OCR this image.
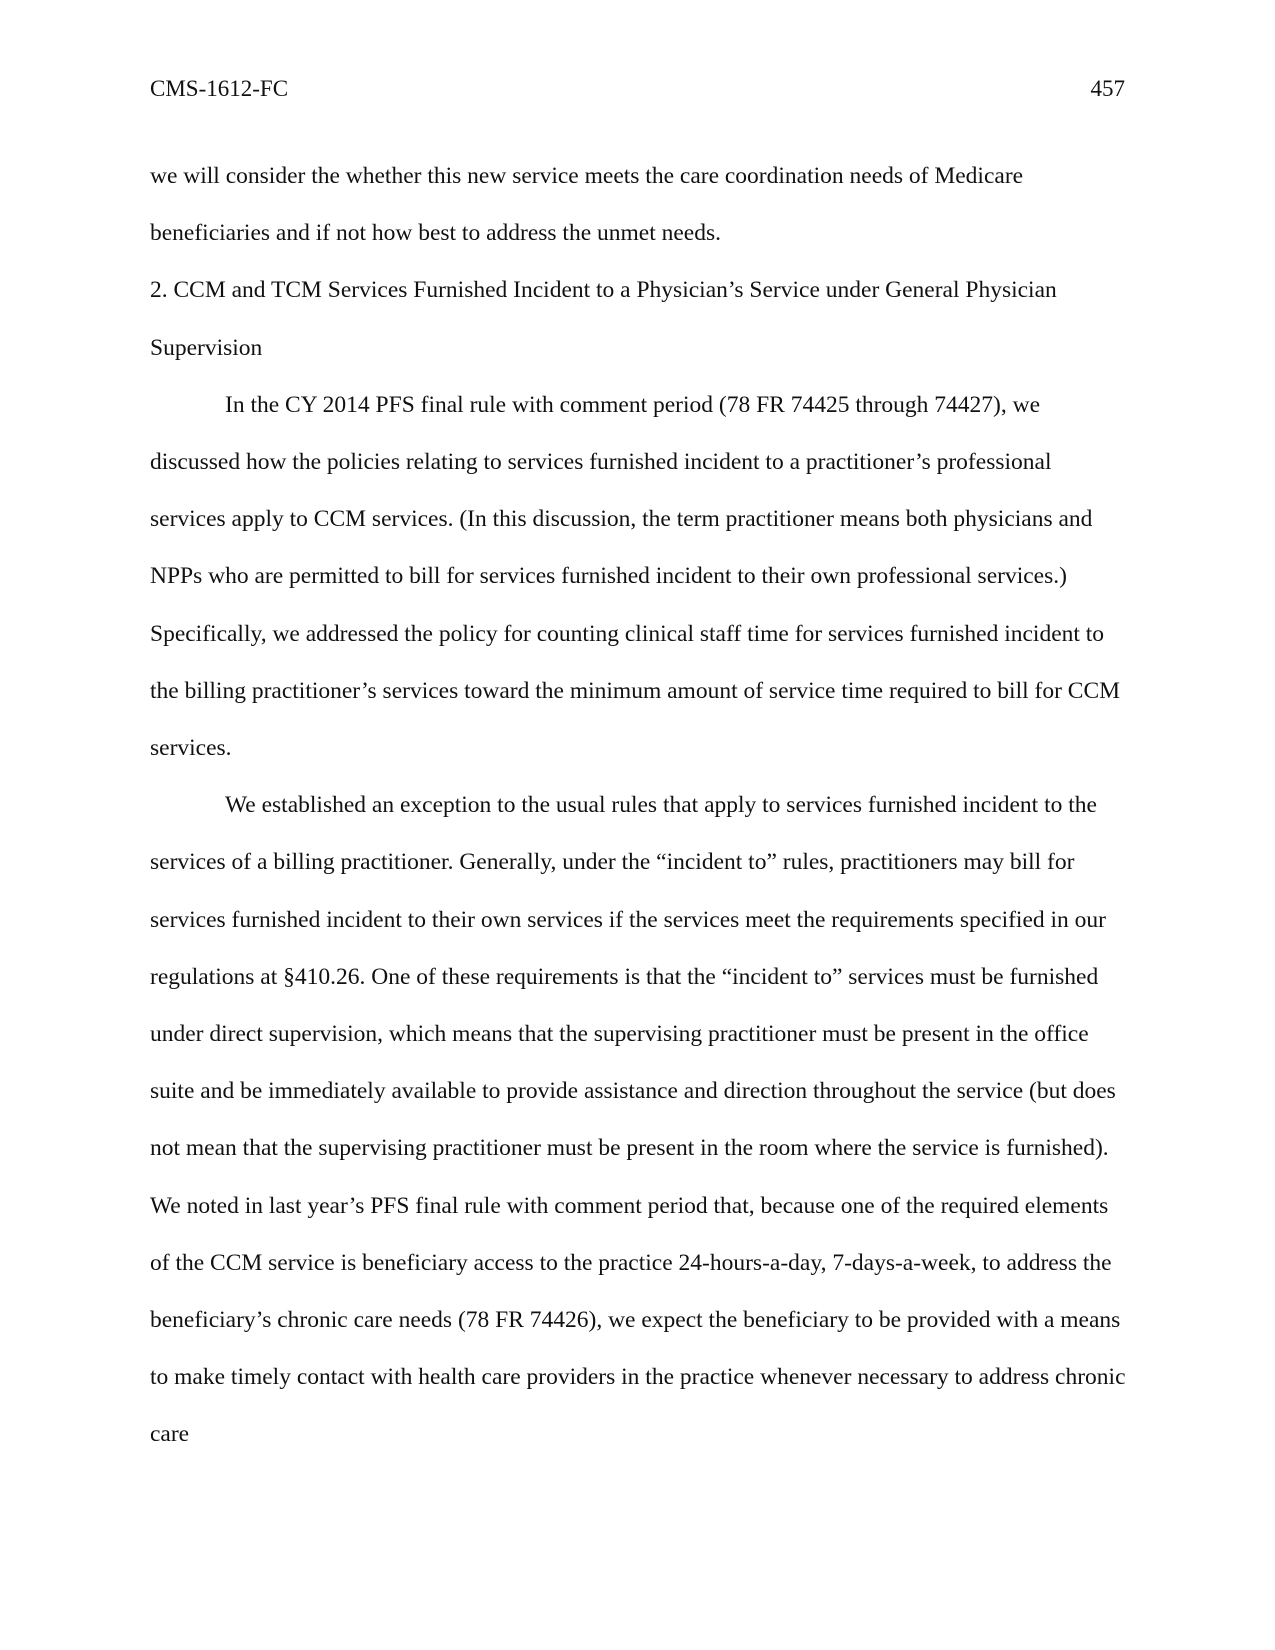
CMS-1612-FC	457

we will consider the whether this new service meets the care coordination needs of Medicare beneficiaries and if not how best to address the unmet needs.

2. CCM and TCM Services Furnished Incident to a Physician’s Service under General Physician Supervision

In the CY 2014 PFS final rule with comment period (78 FR 74425 through 74427), we discussed how the policies relating to services furnished incident to a practitioner’s professional services apply to CCM services. (In this discussion, the term practitioner means both physicians and NPPs who are permitted to bill for services furnished incident to their own professional services.) Specifically, we addressed the policy for counting clinical staff time for services furnished incident to the billing practitioner’s services toward the minimum amount of service time required to bill for CCM services.

We established an exception to the usual rules that apply to services furnished incident to the services of a billing practitioner. Generally, under the “incident to” rules, practitioners may bill for services furnished incident to their own services if the services meet the requirements specified in our regulations at §410.26. One of these requirements is that the “incident to” services must be furnished under direct supervision, which means that the supervising practitioner must be present in the office suite and be immediately available to provide assistance and direction throughout the service (but does not mean that the supervising practitioner must be present in the room where the service is furnished). We noted in last year’s PFS final rule with comment period that, because one of the required elements of the CCM service is beneficiary access to the practice 24-hours-a-day, 7-days-a-week, to address the beneficiary’s chronic care needs (78 FR 74426), we expect the beneficiary to be provided with a means to make timely contact with health care providers in the practice whenever necessary to address chronic care
